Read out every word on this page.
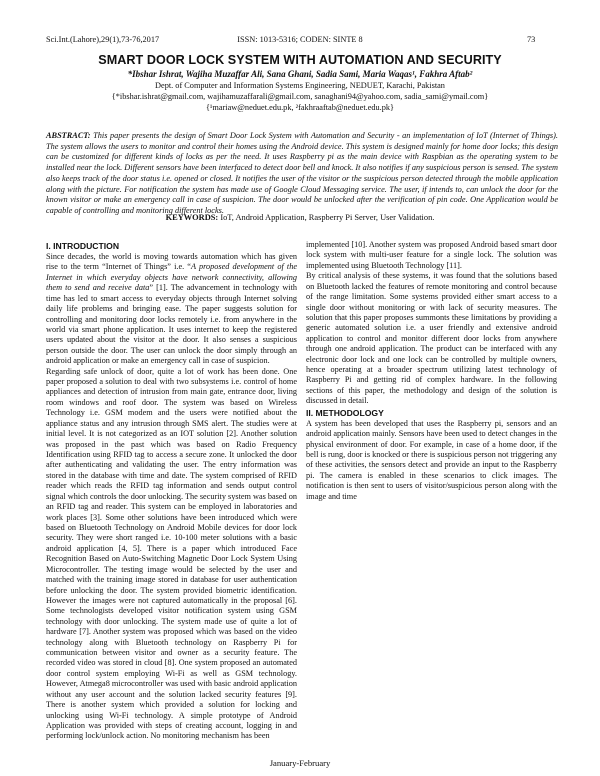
Sci.Int.(Lahore),29(1),73-76,2017	ISSN: 1013-5316; CODEN: SINTE 8	73
SMART DOOR LOCK SYSTEM WITH AUTOMATION AND SECURITY
*Ibshar Ishrat, Wajiha Muzaffar Ali, Sana Ghani, Sadia Sami, Maria Waqas¹, Fakhra Aftab²
Dept. of Computer and Information Systems Engineering, NEDUET, Karachi, Pakistan
{*ibshar.ishrat@gmail.com, wajihamuzaffarali@gmail.com, sanaghani94@yahoo.com, sadia_sami@ymail.com}
{¹mariaw@neduet.edu.pk, ²fakhraaftab@neduet.edu.pk}
ABSTRACT: This paper presents the design of Smart Door Lock System with Automation and Security - an implementation of IoT (Internet of Things). The system allows the users to monitor and control their homes using the Android device. This system is designed mainly for home door locks; this design can be customized for different kinds of locks as per the need. It uses Raspberry pi as the main device with Raspbian as the operating system to be installed near the lock. Different sensors have been interfaced to detect door bell and knock. It also notifies if any suspicious person is sensed. The system also keeps track of the door status i.e. opened or closed. It notifies the user of the visitor or the suspicious person detected through the mobile application along with the picture. For notification the system has made use of Google Cloud Messaging service. The user, if intends to, can unlock the door for the known visitor or make an emergency call in case of suspicion. The door would be unlocked after the verification of pin code. One Application would be capable of controlling and monitoring different locks.
KEYWORDS: IoT, Android Application, Raspberry Pi Server, User Validation.

I. INTRODUCTION

Since decades, the world is moving towards automation which has given rise to the term “Internet of Things” i.e. “A proposed development of the Internet in which everyday objects have network connectivity, allowing them to send and receive data” [1]. The advancement in technology with time has led to smart access to everyday objects through Internet solving daily life problems and bringing ease. The paper suggests solution for controlling and monitoring door locks remotely i.e. from anywhere in the world via smart phone application. It uses internet to keep the registered users updated about the visitor at the door. It also senses a suspicious person outside the door. The user can unlock the door simply through an android application or make an emergency call in case of suspicion.

Regarding safe unlock of door, quite a lot of work has been done. One paper proposed a solution to deal with two subsystems i.e. control of home appliances and detection of intrusion from main gate, entrance door, living room windows and roof door. The system was based on Wireless Technology i.e. GSM modem and the users were notified about the appliance status and any intrusion through SMS alert. The studies were at initial level. It is not categorized as an IOT solution [2]. Another solution was proposed in the past which was based on Radio Frequency Identification using RFID tag to access a secure zone. It unlocked the door after authenticating and validating the user. The entry information was stored in the database with time and date. The system comprised of RFID reader which reads the RFID tag information and sends output control signal which controls the door unlocking. The security system was based on an RFID tag and reader. This system can be employed in laboratories and work places [3]. Some other solutions have been introduced which were based on Bluetooth Technology on Android Mobile devices for door lock security. They were short ranged i.e. 10-100 meter solutions with a basic android application [4, 5]. There is a paper which introduced Face Recognition Based on Auto-Switching Magnetic Door Lock System Using Microcontroller. The testing image would be selected by the user and matched with the training image stored in database for user authentication before unlocking the door. The system provided biometric identification. However the images were not captured automatically in the proposal [6]. Some technologists developed visitor notification system using GSM technology with door unlocking. The system made use of quite a lot of hardware [7]. Another system was proposed which was based on the video technology along with Bluetooth technology on Raspberry Pi for communication between visitor and owner as a security feature. The recorded video was stored in cloud [8]. One system proposed an automated door control system employing Wi-Fi as well as GSM technology. However, Atmega8 microcontroller was used with basic android application without any user account and the solution lacked security features [9]. There is another system which provided a solution for locking and unlocking using Wi-Fi technology. A simple prototype of Android Application was provided with steps of creating account, logging in and performing lock/unlock action. No monitoring mechanism has been

implemented [10]. Another system was proposed Android based smart door lock system with multi-user feature for a single lock. The solution was implemented using Bluetooth Technology [11].

By critical analysis of these systems, it was found that the solutions based on Bluetooth lacked the features of remote monitoring and control because of the range limitation. Some systems provided either smart access to a single door without monitoring or with lack of security measures. The solution that this paper proposes summonts these limitations by providing a generic automated solution i.e. a user friendly and extensive android application to control and monitor different door locks from anywhere through one android application. The product can be interfaced with any electronic door lock and one lock can be controlled by multiple owners, hence operating at a broader spectrum utilizing latest technology of Raspberry Pi and getting rid of complex hardware. In the following sections of this paper, the methodology and design of the solution is discussed in detail.

II. METHODOLOGY

A system has been developed that uses the Raspberry pi, sensors and an android application mainly. Sensors have been used to detect changes in the physical environment of door. For example, in case of a home door, if the bell is rung, door is knocked or there is suspicious person not triggering any of these activities, the sensors detect and provide an input to the Raspberry pi. The camera is enabled in these scenarios to click images. The notification is then sent to users of visitor/suspicious person along with the image and time

January-February
